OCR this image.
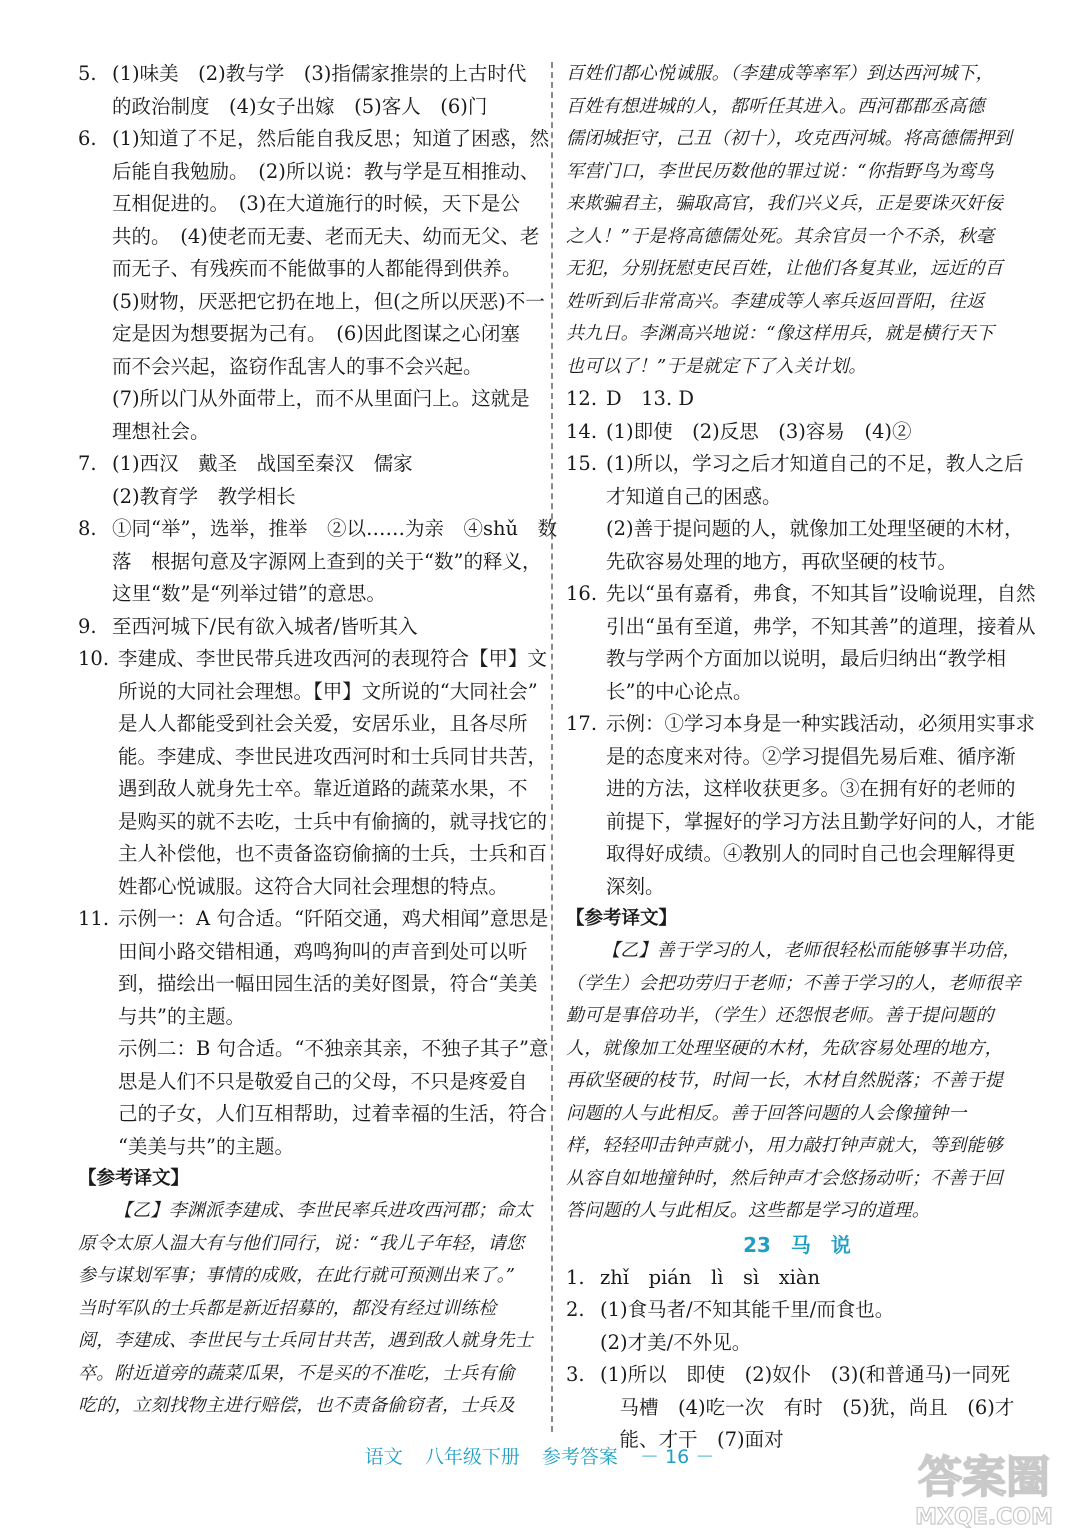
5. (1)味美　(2)教与学　(3)指儒家推崇的上古时代
的政治制度　(4)女子出嫁　(5)客人　(6)门
6. (1)知道了不足，然后能自我反思；知道了困惑，然
后能自我勉励。　(2)所以说：教与学是互相推动、
互相促进的。　(3)在大道施行的时候，天下是公
共的。　(4)使老而无妻、老而无夫、幼而无父、老
而无子、有残疾而不能做事的人都能得到供养。
(5)财物，厌恶把它扔在地上，但(之所以厌恶)不一
定是因为想要据为己有。　(6)因此图谋之心闭塞
而不会兴起，盗窃作乱害人的事不会兴起。
(7)所以门从外面带上，而不从里面闩上。这就是
理想社会。
7. (1)西汉　戴圣　战国至秦汉　儒家
(2)教育学　教学相长
8. ①同“举”，选举，推举　②以……为亲　④shǔ　数
落　根据句意及字源网上查到的关于“数”的释义，
这里“数”是“列举过错”的意思。
9. 至西河城下/民有欲入城者/皆听其入
10. 李建成、李世民带兵进攻西河的表现符合【甲】文
所说的大同社会理想。【甲】文所说的“大同社会”
是人人都能受到社会关爱，安居乐业，且各尽所
能。李建成、李世民进攻西河时和士兵同甘共苦，
遇到敌人就身先士卒。靠近道路的蔬菜水果，不
是购买的就不去吃，士兵中有偷摘的，就寻找它的
主人补偿他，也不责备盗窃偷摘的士兵，士兵和百
姓都心悦诚服。这符合大同社会理想的特点。
11. 示例一：A 句合适。“阡陌交通，鸡犬相闻”意思是
田间小路交错相通，鸡鸣狗叫的声音到处可以听
到，描绘出一幅田园生活的美好图景，符合“美美
与共”的主题。
示例二：B 句合适。“不独亲其亲，不独子其子”意
思是人们不只是敬爱自己的父母，不只是疼爱自
己的子女，人们互相帮助，过着幸福的生活，符合
“美美与共”的主题。
【参考译文】
【乙】李渊派李建成、李世民率兵进攻西河郡；命太
原令太原人温大有与他们同行，说：“我儿子年轻，请您
参与谋划军事；事情的成败，在此行就可预测出来了。”
当时军队的士兵都是新近招募的，都没有经过训练检
阅，李建成、李世民与士兵同甘共苦，遇到敌人就身先士
卒。附近道旁的蔬菜瓜果，不是买的不准吃，士兵有偷
吃的，立刻找物主进行赔偿，也不责备偷窃者，士兵及
百姓们都心悦诚服。（李建成等率军）到达西河城下，
百姓有想进城的人，都听任其进入。西河郡郡丞高德
儒闭城拒守，己丑（初十），攻克西河城。将高德儒押到
军营门口，李世民历数他的罪过说：“你指野鸟为鸾鸟
来欺骗君主，骗取高官，我们兴义兵，正是要诛灭奸佞
之人！”于是将高德儒处死。其余官员一个不杀，秋毫
无犯，分别抚慰吏民百姓，让他们各复其业，远近的百
姓听到后非常高兴。李建成等人率兵返回晋阳，往返
共九日。李渊高兴地说：“像这样用兵，就是横行天下
也可以了！”于是就定下了入关计划。
12. D　13. D
14. (1)即使　(2)反思　(3)容易　(4)②
15. (1)所以，学习之后才知道自己的不足，教人之后
才知道自己的困惑。
(2)善于提问题的人，就像加工处理坚硬的木材，
先砍容易处理的地方，再砍坚硬的枝节。
16. 先以“虽有嘉肴，弗食，不知其旨”设喻说理，自然
引出“虽有至道，弗学，不知其善”的道理，接着从
教与学两个方面加以说明，最后归纳出“教学相
长”的中心论点。
17. 示例：①学习本身是一种实践活动，必须用实事求
是的态度来对待。②学习提倡先易后难、循序渐
进的方法，这样收获更多。③在拥有好的老师的
前提下，掌握好的学习方法且勤学好问的人，才能
取得好成绩。④教别人的同时自己也会理解得更
深刻。
【参考译文】
【乙】善于学习的人，老师很轻松而能够事半功倍，
（学生）会把功劳归于老师；不善于学习的人，老师很辛
勤可是事倍功半，（学生）还怨恨老师。善于提问题的
人，就像加工处理坚硬的木材，先砍容易处理的地方，
再砍坚硬的枝节，时间一长，木材自然脱落；不善于提
问题的人与此相反。善于回答问题的人会像撞钟一
样，轻轻叩击钟声就小，用力敲打钟声就大，等到能够
从容自如地撞钟时，然后钟声才会悠扬动听；不善于回
答问题的人与此相反。这些都是学习的道理。
23　马　说
1. zhǐ　pián　lì　sì　xiàn
2. (1)食马者/不知其能千里/而食也。
(2)才美/不外见。
3. (1)所以　即使　(2)奴仆　(3)(和普通马)一同死
　马槽　(4)吃一次　有时　(5)犹，尚且　(6)才
　能、才干　(7)面对
语文 八年级下册 参考答案 － 16 －	答案圈
MXQE.COM
